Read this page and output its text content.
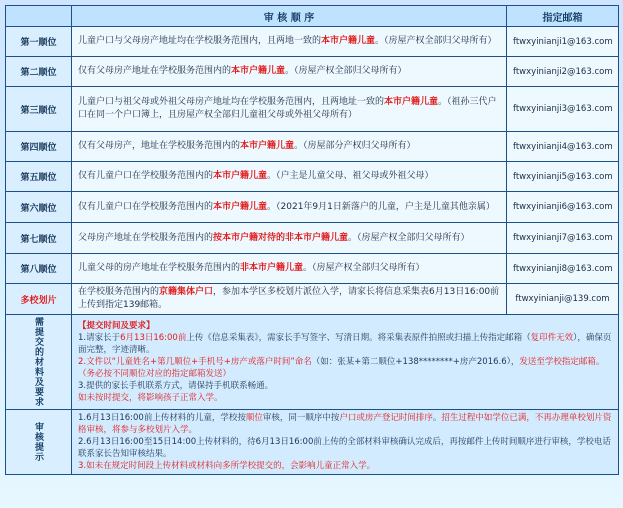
	审 核 顺 序	指定邮箱
第一顺位	儿童户口与父母房产地址均在学校服务范围内，且两地一致的本市户籍儿童。（房屋产权全部归父母所有）	ftwxyinianji1@163.com
第二顺位	仅有父母房产地址在学校服务范围内的本市户籍儿童。（房屋产权全部归父母所有）	ftwxyinianji2@163.com
第三顺位	儿童户口与祖父母或外祖父母房产地址均在学校服务范围内，且两地址一致的本市户籍儿童。（祖孙三代户口在同一个户口簿上，且房屋产权全部归儿童祖父母或外祖父母所有）	ftwxyinianji3@163.com
第四顺位	仅有父母房产，地址在学校服务范围内的本市户籍儿童。（房屋部分产权归父母所有）	ftwxyinianji4@163.com
第五顺位	仅有儿童户口在学校服务范围内的本市户籍儿童。（户主是儿童父母、祖父母或外祖父母）	ftwxyinianji5@163.com
第六顺位	仅有儿童户口在学校服务范围内的本市户籍儿童。（2021年9月1日新落户的儿童，户主是儿童其他亲属）	ftwxyinianji6@163.com
第七顺位	父母房产地址在学校服务范围内的按本市户籍对待的非本市户籍儿童。（房屋产权全部归父母所有）	ftwxyinianji7@163.com
第八顺位	儿童父母的房产地址在学校服务范围内的非本市户籍儿童。（房屋产权全部归父母所有）	ftwxyinianji8@163.com
多校划片	在学校服务范围内的京籍集体户口，参加本学区多校划片派位入学，请家长将信息采集表6月13日16:00前上传到指定139邮箱。	ftwxyinianji@139.com

需提交的材料及要求	【提交时间及要求】
1.请家长于6月13日16:00前上传《信息采集表》，需家长手写签字、写清日期。将采集表原件拍照或扫描上传指定邮箱（复印件无效），确保页面完整，字迹清晰。
2.文件以“儿童姓名+第几顺位+手机号+房产或落户时间”命名（如：张某+第二顺位+138********+房产2016.6），发送至学校指定邮箱。（务必按不同顺位对应的指定邮箱发送）
3.提供的家长手机联系方式，请保持手机联系畅通。
如未按时提交，将影响孩子正常入学。	

审核提示	1.6月13日16:00前上传材料的儿童，学校按顺位审核，同一顺序中按户口或房产登记时间排序。招生过程中如学位已满，不再办理单校划片资格审核，将参与多校划片入学。
2.6月13日16:00至15日14:00上传材料的，待6月13日16:00前上传的全部材料审核确认完成后，再按邮件上传时间顺序进行审核，学校电话联系家长告知审核结果。
3.如未在规定时间段上传材料或材料向多所学校提交的，会影响儿童正常入学。	
